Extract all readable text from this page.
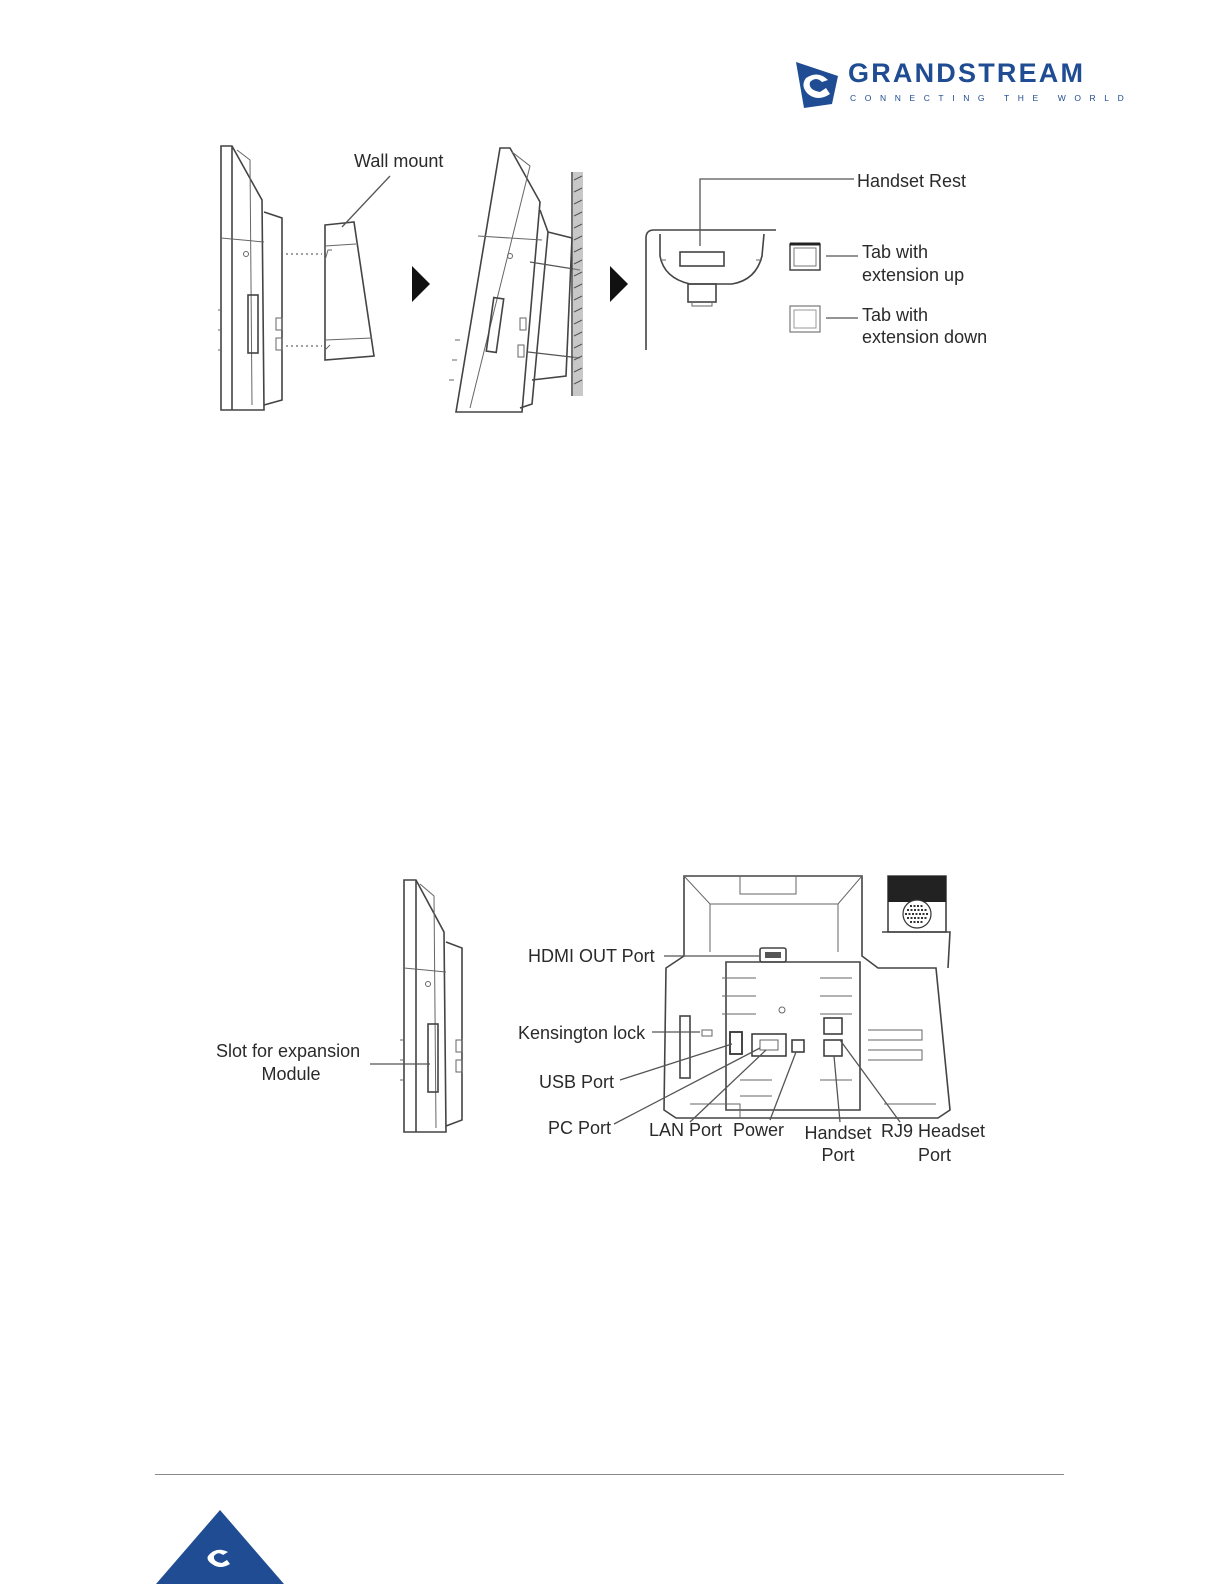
GRANDSTREAM
CONNECTING THE WORLD
Wall mount
Handset Rest
Tab with
extension up
Tab with
extension down
Slot for expansion
Module
HDMI OUT Port
Kensington lock
USB Port
PC Port LAN Port Power	Handset
Port
RJ9 Headset
Port
